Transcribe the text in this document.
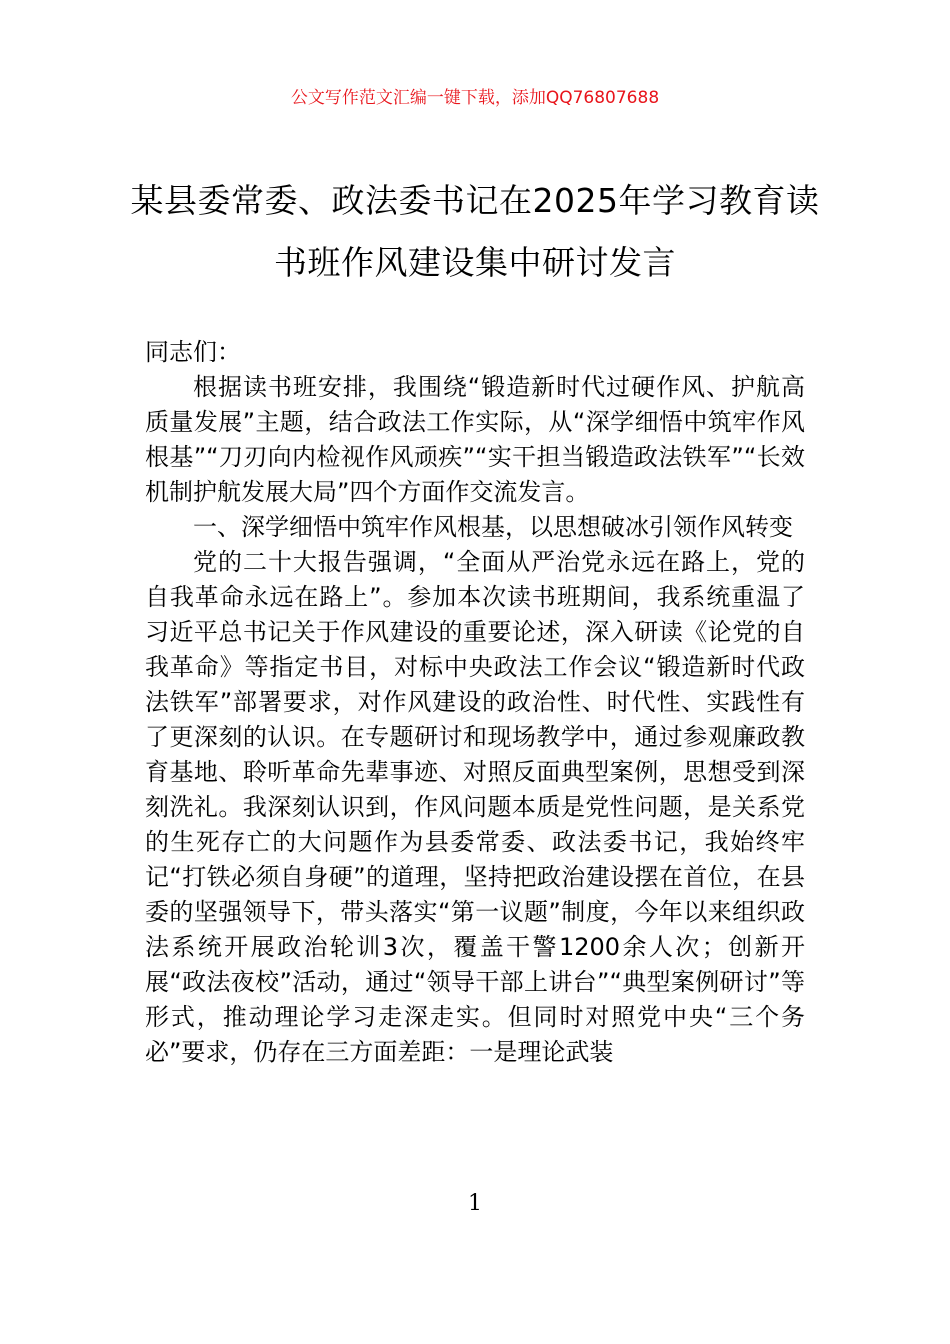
公文写作范文汇编一键下载，添加QQ76807688
某县委常委、政法委书记在2025年学习教育读书班作风建设集中研讨发言

同志们：

根据读书班安排，我围绕“锻造新时代过硬作风、护航高质量发展”主题，结合政法工作实际，从“深学细悟中筑牢作风根基”“刀刃向内检视作风顽疾”“实干担当锻造政法铁军”“长效机制护航发展大局”四个方面作交流发言。

一、深学细悟中筑牢作风根基，以思想破冰引领作风转变

党的二十大报告强调，“全面从严治党永远在路上，党的自我革命永远在路上”。参加本次读书班期间，我系统重温了习近平总书记关于作风建设的重要论述，深入研读《论党的自我革命》等指定书目，对标中央政法工作会议“锻造新时代政法铁军”部署要求，对作风建设的政治性、时代性、实践性有了更深刻的认识。在专题研讨和现场教学中，通过参观廉政教育基地、聆听革命先辈事迹、对照反面典型案例，思想受到深刻洗礼。我深刻认识到，作风问题本质是党性问题，是关系党的生死存亡的大问题作为县委常委、政法委书记，我始终牢记“打铁必须自身硬”的道理，坚持把政治建设摆在首位，在县委的坚强领导下，带头落实“第一议题”制度，今年以来组织政法系统开展政治轮训3次，覆盖干警1200余人次；创新开展“政法夜校”活动，通过“领导干部上讲台”“典型案例研讨”等形式，推动理论学习走深走实。但同时对照党中央“三个务必”要求，仍存在三方面差距：一是理论武装

1
